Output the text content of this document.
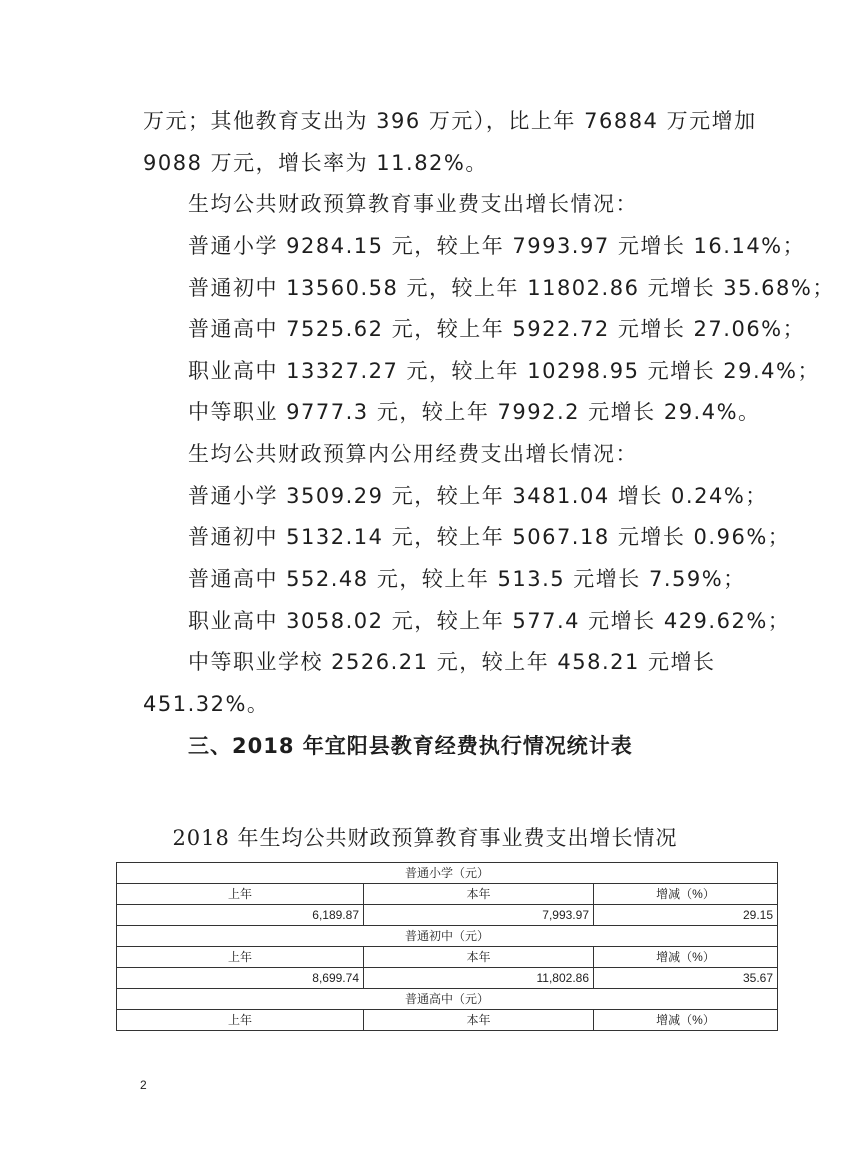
万元；其他教育支出为 396 万元），比上年 76884 万元增加
9088 万元，增长率为 11.82%。
生均公共财政预算教育事业费支出增长情况：
普通小学 9284.15 元，较上年 7993.97 元增长 16.14%；
普通初中 13560.58 元，较上年 11802.86 元增长 35.68%；
普通高中 7525.62 元，较上年 5922.72 元增长 27.06%；
职业高中 13327.27 元，较上年 10298.95 元增长 29.4%；
中等职业 9777.3 元，较上年 7992.2 元增长 29.4%。
生均公共财政预算内公用经费支出增长情况：
普通小学 3509.29 元，较上年 3481.04 增长 0.24%；
普通初中 5132.14 元，较上年 5067.18 元增长 0.96%；
普通高中 552.48 元，较上年 513.5 元增长 7.59%；
职业高中 3058.02 元，较上年 577.4 元增长 429.62%；
中等职业学校 2526.21 元，较上年 458.21 元增长
451.32%。
三、2018 年宜阳县教育经费执行情况统计表
2018 年生均公共财政预算教育事业费支出增长情况
普通小学（元）		
上年	本年	增减（%）
6,189.87	7,993.97	29.15
普通初中（元）		
上年	本年	增减（%）
8,699.74	11,802.86	35.67
普通高中（元）		
上年	本年	增减（%）
2
